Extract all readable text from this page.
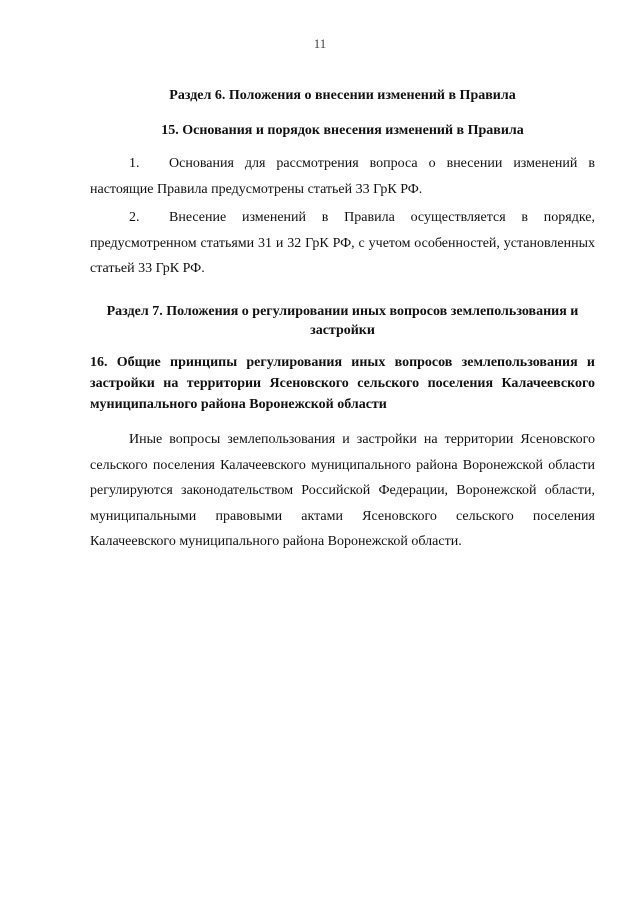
11
Раздел 6. Положения о внесении изменений в Правила
15. Основания и порядок внесения изменений в Правила
1. Основания для рассмотрения вопроса о внесении изменений в настоящие Правила предусмотрены статьей 33 ГрК РФ.
2. Внесение изменений в Правила осуществляется в порядке, предусмотренном статьями 31 и 32 ГрК РФ, с учетом особенностей, установленных статьей 33 ГрК РФ.
Раздел 7. Положения о регулировании иных вопросов землепользования и застройки
16. Общие принципы регулирования иных вопросов землепользования и застройки на территории Ясеновского сельского поселения Калачеевского муниципального района Воронежской области
Иные вопросы землепользования и застройки на территории Ясеновского сельского поселения Калачеевского муниципального района Воронежской области регулируются законодательством Российской Федерации, Воронежской области, муниципальными правовыми актами Ясеновского сельского поселения Калачеевского муниципального района Воронежской области.
